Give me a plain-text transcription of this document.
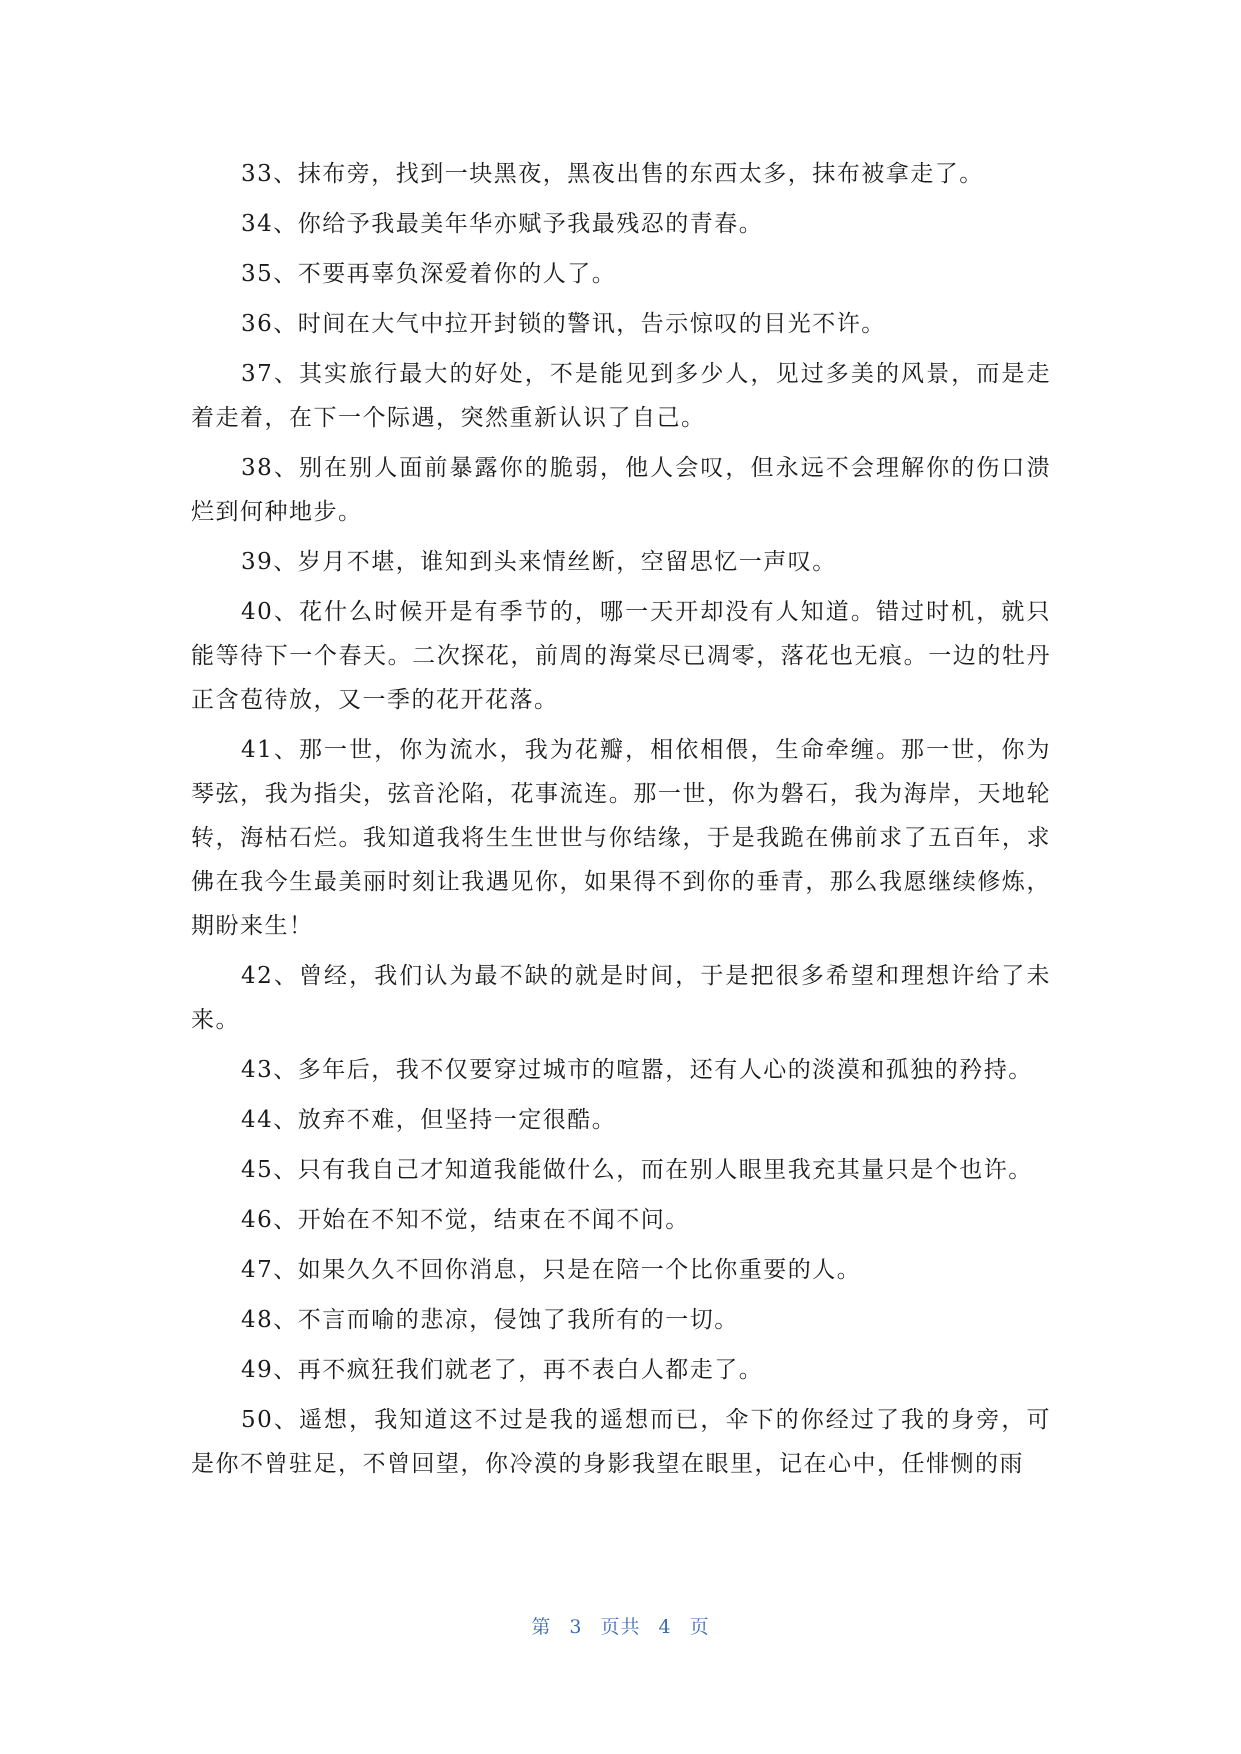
33、抹布旁，找到一块黑夜，黑夜出售的东西太多，抹布被拿走了。

34、你给予我最美年华亦赋予我最残忍的青春。

35、不要再辜负深爱着你的人了。

36、时间在大气中拉开封锁的警讯，告示惊叹的目光不许。

37、其实旅行最大的好处，不是能见到多少人，见过多美的风景，而是走着走着，在下一个际遇，突然重新认识了自己。

38、别在别人面前暴露你的脆弱，他人会叹，但永远不会理解你的伤口溃烂到何种地步。

39、岁月不堪，谁知到头来情丝断，空留思忆一声叹。

40、花什么时候开是有季节的，哪一天开却没有人知道。错过时机，就只能等待下一个春天。二次探花，前周的海棠尽已凋零，落花也无痕。一边的牡丹正含苞待放，又一季的花开花落。

41、那一世，你为流水，我为花瓣，相依相偎，生命牵缠。那一世，你为琴弦，我为指尖，弦音沦陷，花事流连。那一世，你为磐石，我为海岸，天地轮转，海枯石烂。我知道我将生生世世与你结缘，于是我跪在佛前求了五百年，求佛在我今生最美丽时刻让我遇见你，如果得不到你的垂青，那么我愿继续修炼，期盼来生！

42、曾经，我们认为最不缺的就是时间，于是把很多希望和理想许给了未来。

43、多年后，我不仅要穿过城市的喧嚣，还有人心的淡漠和孤独的矜持。

44、放弃不难，但坚持一定很酷。

45、只有我自己才知道我能做什么，而在别人眼里我充其量只是个也许。

46、开始在不知不觉，结束在不闻不问。

47、如果久久不回你消息，只是在陪一个比你重要的人。

48、不言而喻的悲凉，侵蚀了我所有的一切。

49、再不疯狂我们就老了，再不表白人都走了。

50、遥想，我知道这不过是我的遥想而已，伞下的你经过了我的身旁，可是你不曾驻足，不曾回望，你冷漠的身影我望在眼里，记在心中，任悱恻的雨

第 3 页共 4 页
